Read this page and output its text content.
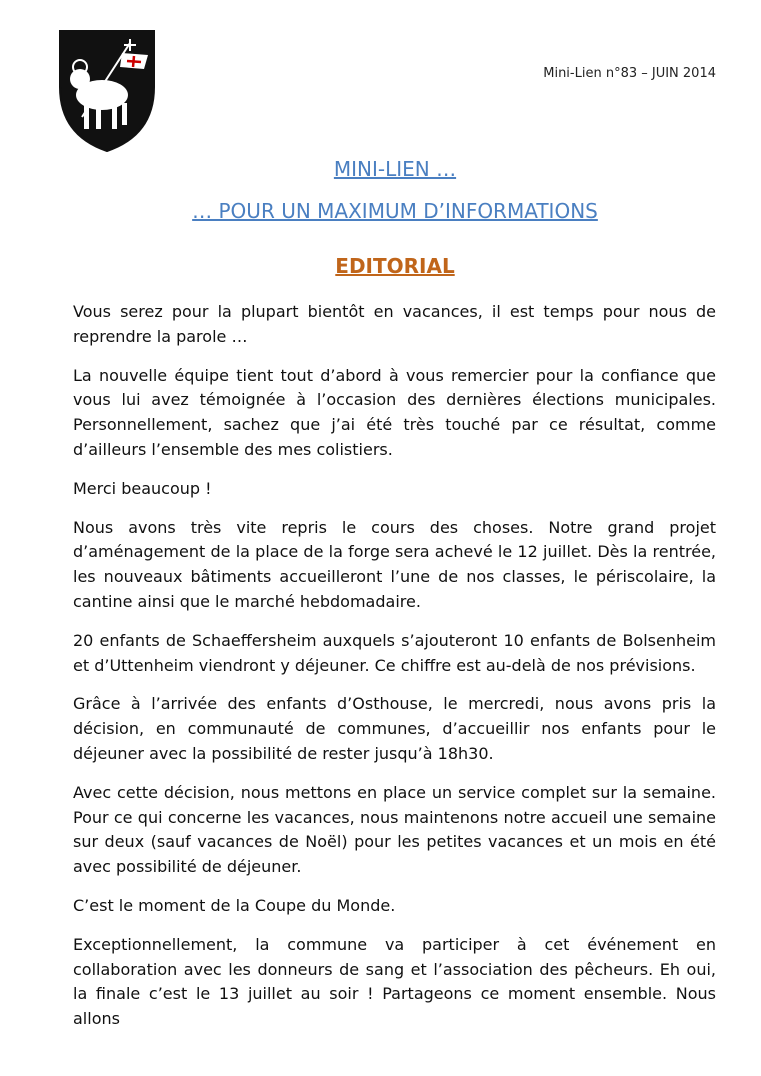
Mini-Lien n°83 – JUIN 2014
MINI-LIEN …
… POUR UN MAXIMUM D’INFORMATIONS
EDITORIAL

Vous serez pour la plupart bientôt en vacances, il est temps pour nous de reprendre la parole …

La nouvelle équipe tient tout d’abord à vous remercier pour la confiance que vous lui avez témoignée à l’occasion des dernières élections municipales. Personnellement, sachez que j’ai été très touché par ce résultat, comme d’ailleurs l’ensemble des mes colistiers.

Merci beaucoup !

Nous avons très vite repris le cours des choses. Notre grand projet d’aménagement de la place de la forge sera achevé le 12 juillet. Dès la rentrée, les nouveaux bâtiments accueilleront l’une de nos classes, le périscolaire, la cantine ainsi que le marché hebdomadaire.

20 enfants de Schaeffersheim auxquels s’ajouteront 10 enfants de Bolsenheim et d’Uttenheim viendront y déjeuner. Ce chiffre est au-delà de nos prévisions.

Grâce à l’arrivée des enfants d’Osthouse, le mercredi, nous avons pris la décision, en communauté de communes, d’accueillir nos enfants pour le déjeuner avec la possibilité de rester jusqu’à 18h30.

Avec cette décision, nous mettons en place un service complet sur la semaine. Pour ce qui concerne les vacances, nous maintenons notre accueil une semaine sur deux (sauf vacances de Noël) pour les petites vacances et un mois en été avec possibilité de déjeuner.

C’est le moment de la Coupe du Monde.

Exceptionnellement, la commune va participer à cet événement en collaboration avec les donneurs de sang et l’association des pêcheurs. Eh oui, la finale c’est le 13 juillet au soir ! Partageons ce moment ensemble. Nous allons
